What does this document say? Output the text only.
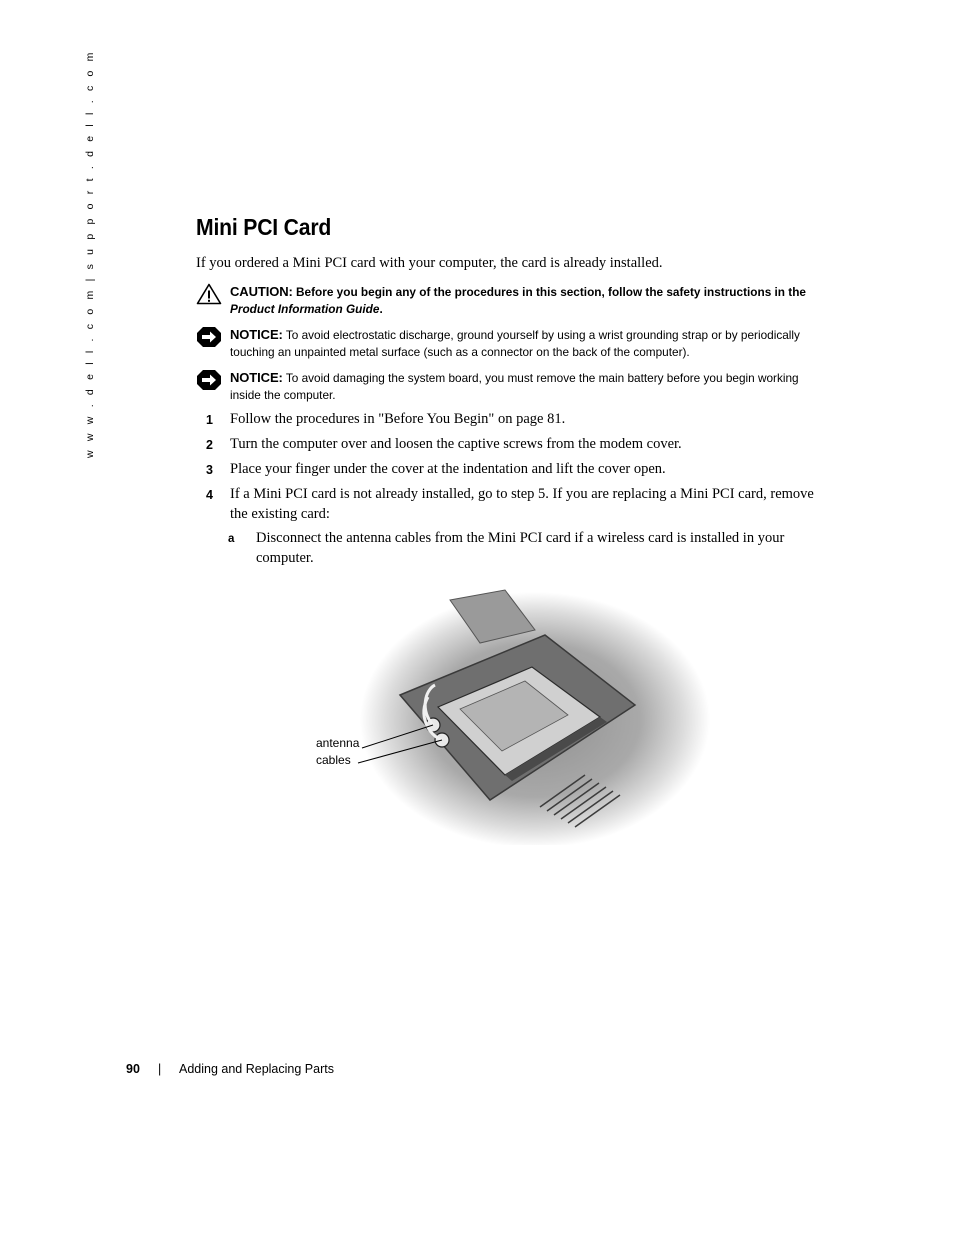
w w w . d e l l . c o m | s u p p o r t . d e l l . c o m	Mini PCI Card

If you ordered a Mini PCI card with your computer, the card is already installed.

CAUTION: Before you begin any of the procedures in this section, follow the safety instructions in the Product Information Guide.
NOTICE: To avoid electrostatic discharge, ground yourself by using a wrist grounding strap or by periodically touching an unpainted metal surface (such as a connector on the back of the computer).
NOTICE: To avoid damaging the system board, you must remove the main battery before you begin working inside the computer.
1 Follow the procedures in "Before You Begin" on page 81.
2 Turn the computer over and loosen the captive screws from the modem cover.
3 Place your finger under the cover at the indentation and lift the cover open.
4 If a Mini PCI card is not already installed, go to step 5. If you are replacing a Mini PCI card, remove the existing card:
a Disconnect the antenna cables from the Mini PCI card if a wireless card is installed in your computer.
antenna
cables
90 | Adding and Replacing Parts
